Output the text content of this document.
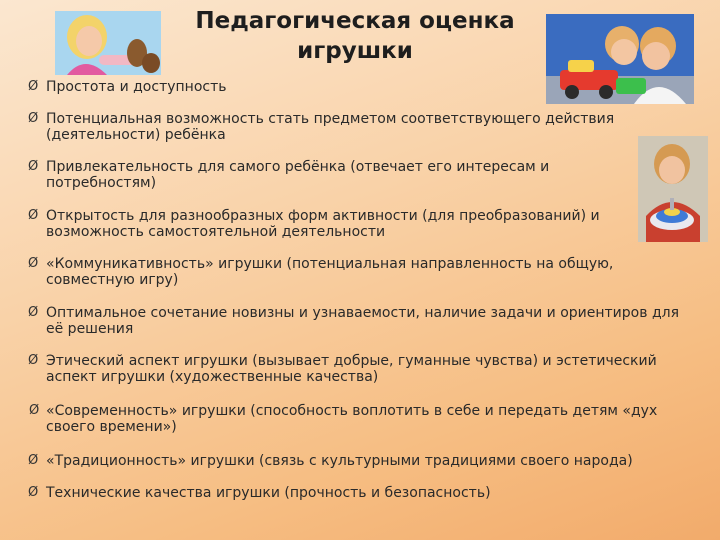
Педагогическая оценка
игрушки
Ø Простота и доступность
Ø Потенциальная возможность стать предметом соответствующего действия (деятельности) ребёнка
Ø Привлекательность для самого ребёнка (отвечает его интересам и потребностям)
Ø Открытость для разнообразных форм активности (для преобразований) и возможность самостоятельной деятельности
Ø «Коммуникативность» игрушки (потенциальная направленность на общую, совместную игру)
Ø Оптимальное сочетание новизны и узнаваемости, наличие задачи и ориентиров для её решения
Ø Этический аспект игрушки (вызывает добрые, гуманные чувства) и эстетический аспект игрушки (художественные качества)
Ø «Современность» игрушки (способность воплотить в себе и передать детям «дух своего времени»)
Ø «Традиционность» игрушки (связь с культурными традициями своего народа)
Ø Технические качества игрушки (прочность и безопасность)
